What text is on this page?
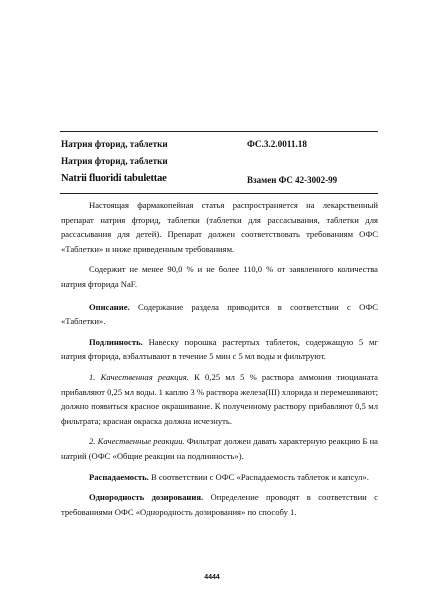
Натрия фторид, таблетки	ФС.3.2.0011.18
Натрия фторид, таблетки
Natrii fluoridi tabulettae	Взамен ФС 42-3002-99

Настоящая фармакопейная статья распространяется на лекарственный препарат натрия фторид, таблетки (таблетки для рассасывания, таблетки для рассасывания для детей). Препарат должен соответствовать требованиям ОФС «Таблетки» и ниже приведенным требованиям.

Содержит не менее 90,0 % и не более 110,0 % от заявленного количества натрия фторида NaF.

Описание. Содержание раздела приводится в соответствии с ОФС «Таблетки».

Подлинность. Навеску порошка растертых таблеток, содержащую 5 мг натрия фторида, взбалтывают в течение 5 мин с 5 мл воды и фильтруют.

1. Качественная реакция. К 0,25 мл 5 % раствора аммония тиоцианата прибавляют 0,25 мл воды. 1 каплю 3 % раствора железа(III) хлорида и перемешивают; должно появиться красное окрашивание. К полученному раствору прибавляют 0,5 мл фильтрата; красная окраска должна исчезнуть.

2. Качественные реакции. Фильтрат должен давать характерную реакцию Б на натрий (ОФС «Общие реакции на подлинность»).

Распадаемость. В соответствии с ОФС «Распадаемость таблеток и капсул».

Однородность дозирования. Определение проводят в соответствии с требованиями ОФС «Однородность дозирования» по способу 1.

4444
